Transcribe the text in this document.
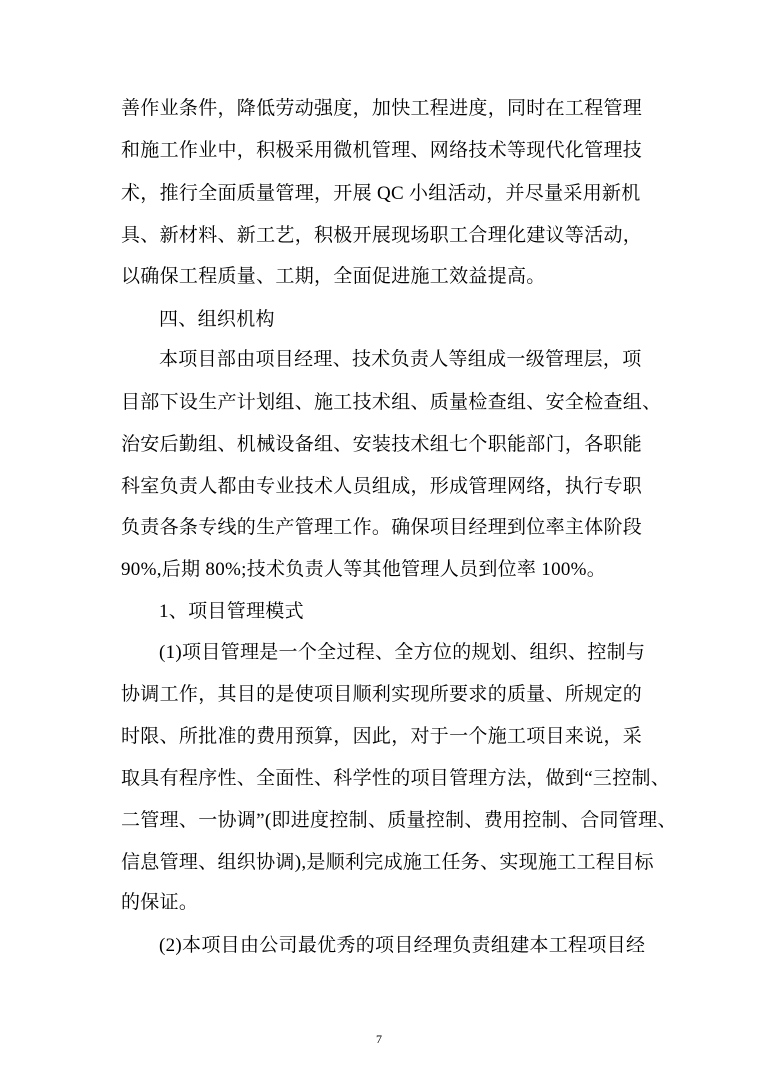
善作业条件，降低劳动强度，加快工程进度，同时在工程管理
和施工作业中，积极采用微机管理、网络技术等现代化管理技
术，推行全面质量管理，开展 QC 小组活动，并尽量采用新机
具、新材料、新工艺，积极开展现场职工合理化建议等活动，
以确保工程质量、工期，全面促进施工效益提高。
四、组织机构
本项目部由项目经理、技术负责人等组成一级管理层，项
目部下设生产计划组、施工技术组、质量检查组、安全检查组、
治安后勤组、机械设备组、安装技术组七个职能部门，各职能
科室负责人都由专业技术人员组成，形成管理网络，执行专职
负责各条专线的生产管理工作。确保项目经理到位率主体阶段
90%,后期 80%;技术负责人等其他管理人员到位率 100%。
1、项目管理模式
(1)项目管理是一个全过程、全方位的规划、组织、控制与
协调工作，其目的是使项目顺利实现所要求的质量、所规定的
时限、所批准的费用预算，因此，对于一个施工项目来说，采
取具有程序性、全面性、科学性的项目管理方法，做到“三控制、
二管理、一协调”(即进度控制、质量控制、费用控制、合同管理、
信息管理、组织协调),是顺利完成施工任务、实现施工工程目标
的保证。
(2)本项目由公司最优秀的项目经理负责组建本工程项目经
7
